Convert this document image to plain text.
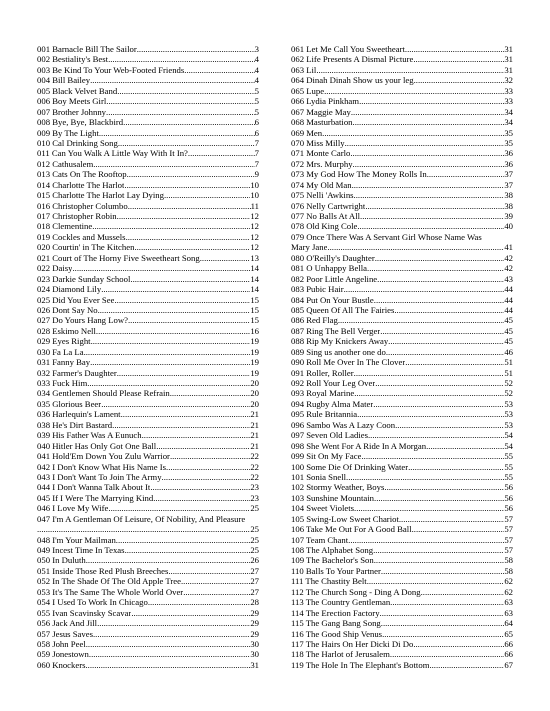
001 Barnacle Bill The Sailor .....	3
002 Bestiality's Best .....	4
003 Be Kind To Your Web-Footed Friends .....	4
004 Bill Bailey .....	4
005 Black Velvet Band .....	5
006 Boy Meets Girl .....	5
007 Brother Johnny .....	5
008 Bye, Bye, Blackbird .....	6
009 By The Light .....	6
010 Cal Drinking Song .....	7
011 Can You Walk A Little Way With It In? .....	7
012 Cathusalem .....	7
013 Cats On The Rooftop .....	9
014 Charlotte The Harlot .....	10
015 Charlotte The Harlot Lay Dying .....	10
016 Christopher Columbo .....	11
017 Christopher Robin .....	12
018 Clementine .....	12
019 Cockles and Mussels .....	12
020 Courtin' in The Kitchen .....	12
021 Court of The Horny Five Sweetheart Song .....	13
022 Daisy .....	14
023 Darkie Sunday School .....	14
024 Diamond Lily .....	14
025 Did You Ever See .....	15
026 Dont Say No .....	15
027 Do Yours Hang Low? .....	15
028 Eskimo Nell .....	16
029 Eyes Right .....	19
030 Fa La La .....	19
031 Fanny Bay .....	19
032 Farmer's Daughter .....	19
033 Fuck Him .....	20
034 Gentlemen Should Please Refrain .....	20
035 Glorious Beer .....	20
036 Harlequin's Lament .....	21
038 He's Dirt Bastard .....	21
039 His Father Was A Eunuch .....	21
040 Hitler Has Only Got One Ball .....	21
041 Hold'Em Down You Zulu Warrior .....	22
042 I Don't Know What His Name Is .....	22
043 I Don't Want To Join The Army .....	22
044 I Don't Wanna Talk About It .....	23
045 If I Were The Marrying Kind .....	23
046 I Love My Wife .....	25
047 I'm A Gentleman Of Leisure, Of Nobility, And Pleasure
.....
25
048 I'm Your Mailman .....	25
049 Incest Time In Texas .....	25
050 In Duluth .....	26
051 Inside Those Red Plush Breeches .....	27
052 In The Shade Of The Old Apple Tree .....	27
053 It's The Same The Whole World Over .....	27
054 I Used To Work In Chicago .....	28
055 Ivan Scavinsky Scavar .....	29
056 Jack And Jill .....	29
057 Jesus Saves .....	29
058 John Peel .....	30
059 Jonestown .....	30
060 Knockers .....	31
061 Let Me Call You Sweetheart .....	31
062 Life Presents A Dismal Picture .....	31
063 Lil .....	31
064 Dinah Dinah Show us your leg .....	32
065 Lupe .....	33
066 Lydia Pinkham .....	33
067 Maggie May .....	34
068 Masturbation .....	34
069 Men .....	35
070 Miss Milly .....	35
071 Monte Carlo .....	36
072 Mrs. Murphy .....	36
073 My God How The Money Rolls In .....	37
074 My Old Man .....	37
075 Nelli 'Awkins .....	38
076 Nelly Cartwright .....	38
077 No Balls At All .....	39
078 Old King Cole .....	40
079 Once There Was A Servant Girl Whose Name Was
Mary Jane .....	41
080 O'Reilly's Daughter .....	42
081 O Unhappy Bella .....	42
082 Poor Little Angeline .....	43
083 Pubic Hair .....	44
084 Put On Your Bustle .....	44
085 Queen Of All The Fairies .....	44
086 Red Flag .....	45
087 Ring The Bell Verger .....	45
088 Rip My Knickers Away .....	45
089 Sing us another one do .....	46
090 Roll Me Over In The Clover .....	51
091 Roller, Roller .....	51
092 Roll Your Leg Over .....	52
093 Royal Marine .....	52
094 Rugby Alma Mater .....	53
095 Rule Britannia .....	53
096 Sambo Was A Lazy Coon .....	53
097 Seven Old Ladies .....	54
098 She Went For A Ride In A Morgan .....	54
099 Sit On My Face .....	55
100 Some Die Of Drinking Water .....	55
101 Sonia Snell .....	55
102 Stormy Weather, Boys .....	56
103 Sunshine Mountain .....	56
104 Sweet Violets .....	56
105 Swing-Low Sweet Chariot .....	57
106 Take Me Out For A Good Ball .....	57
107 Team Chant .....	57
108 The Alphabet Song .....	57
109 The Bachelor's Son .....	58
110 Balls To Your Partner .....	58
111 The Chastity Belt .....	62
112 The Church Song - Ding A Dong .....	62
113 The Country Gentleman .....	63
114 The Erection Factory .....	63
115 The Gang Bang Song .....	64
116 The Good Ship Venus .....	65
117 The Hairs On Her Dicki Di Do .....	66
118 The Harlot of Jerusalem .....	66
119 The Hole In The Elephant's Bottom .....	67
